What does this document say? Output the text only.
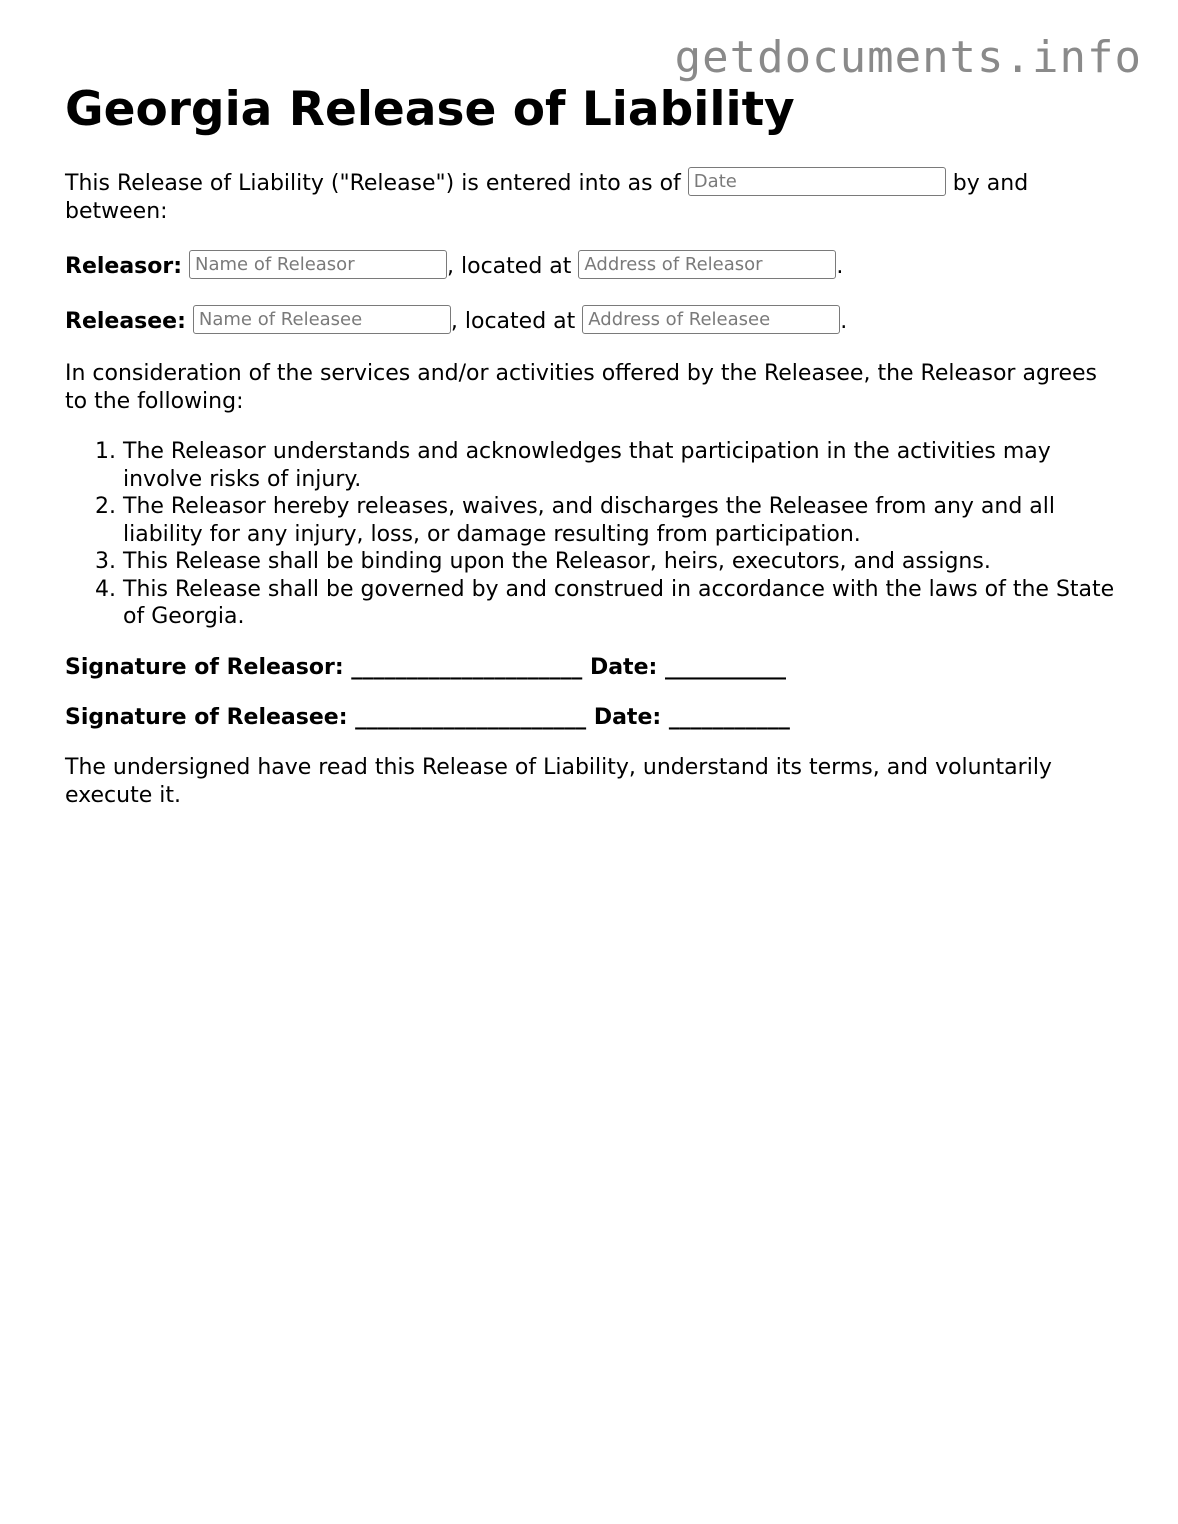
getdocuments.info
Georgia Release of Liability

This Release of Liability ("Release") is entered into as of Date	by and between:

Releasor: Name of Releasor	, located at Address of Releasor	.

Releasee: Name of Releasee	, located at Address of Releasee	.

In consideration of the services and/or activities offered by the Releasee, the Releasor agrees to the following:

1. The Releasor understands and acknowledges that participation in the activities may involve risks of injury.
2. The Releasor hereby releases, waives, and discharges the Releasee from any and all liability for any injury, loss, or damage resulting from participation.
3. This Release shall be binding upon the Releasor, heirs, executors, and assigns.
4. This Release shall be governed by and construed in accordance with the laws of the State of Georgia.

Signature of Releasor: _____________________ Date: ___________

Signature of Releasee: _____________________ Date: ___________

The undersigned have read this Release of Liability, understand its terms, and voluntarily execute it.
